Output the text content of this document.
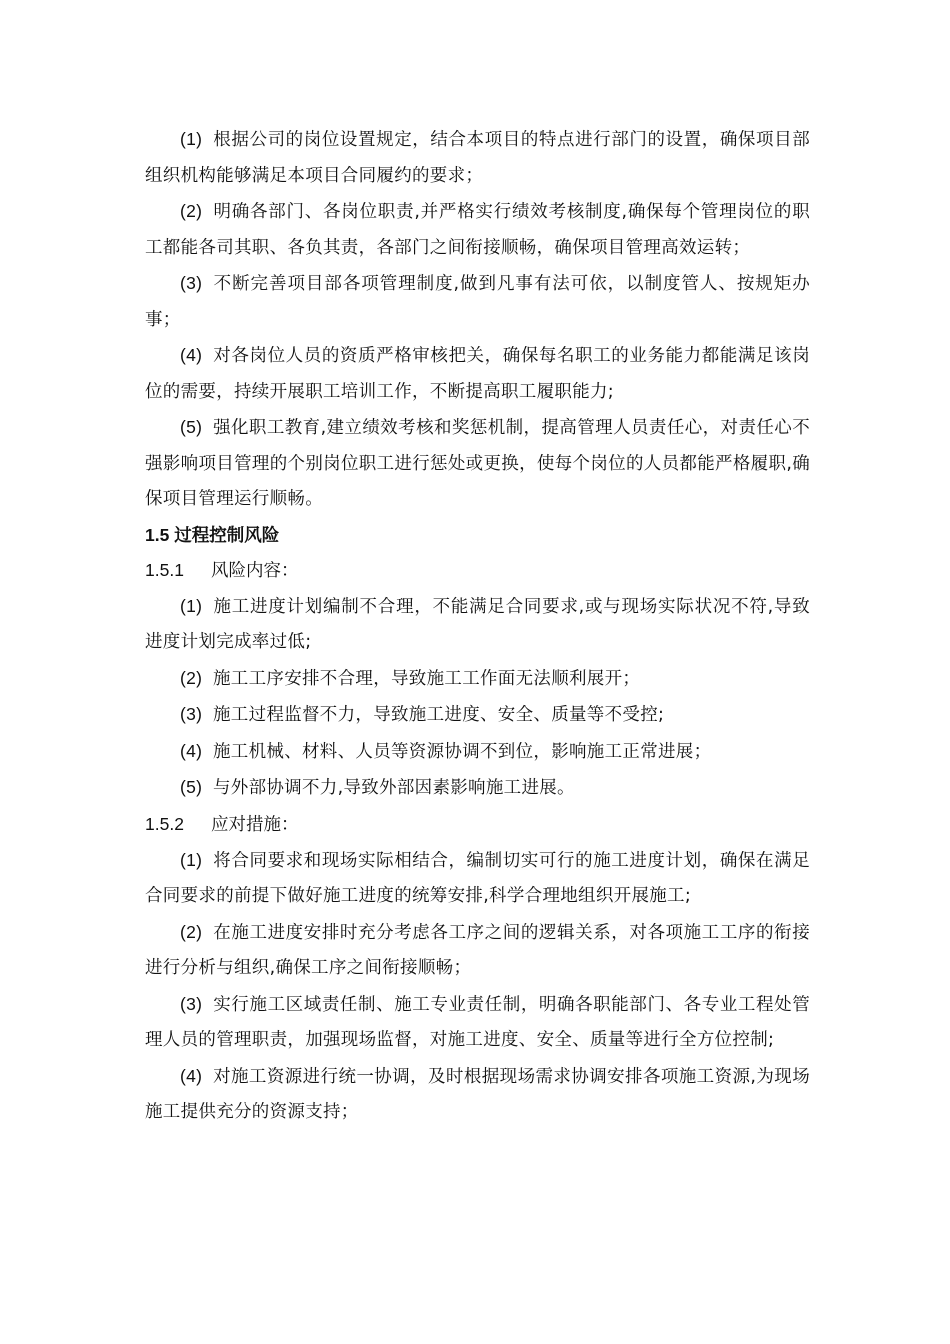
(1) 根据公司的岗位设置规定，结合本项目的特点进行部门的设置，确保项目部组织机构能够满足本项目合同履约的要求；

(2) 明确各部门、各岗位职责,并严格实行绩效考核制度,确保每个管理岗位的职工都能各司其职、各负其责，各部门之间衔接顺畅，确保项目管理高效运转；

(3) 不断完善项目部各项管理制度,做到凡事有法可依，以制度管人、按规矩办事；

(4) 对各岗位人员的资质严格审核把关，确保每名职工的业务能力都能满足该岗位的需要，持续开展职工培训工作，不断提高职工履职能力;

(5) 强化职工教育,建立绩效考核和奖惩机制，提高管理人员责任心，对责任心不强影响项目管理的个别岗位职工进行惩处或更换，使每个岗位的人员都能严格履职,确保项目管理运行顺畅。

1.5 过程控制风险

1.5.1 风险内容：

(1) 施工进度计划编制不合理，不能满足合同要求,或与现场实际状况不符,导致进度计划完成率过低;

(2) 施工工序安排不合理，导致施工工作面无法顺利展开；

(3) 施工过程监督不力，导致施工进度、安全、质量等不受控;

(4) 施工机械、材料、人员等资源协调不到位，影响施工正常进展；

(5) 与外部协调不力,导致外部因素影响施工进展。

1.5.2 应对措施：

(1) 将合同要求和现场实际相结合，编制切实可行的施工进度计划，确保在满足合同要求的前提下做好施工进度的统筹安排,科学合理地组织开展施工;

(2) 在施工进度安排时充分考虑各工序之间的逻辑关系，对各项施工工序的衔接进行分析与组织,确保工序之间衔接顺畅；

(3) 实行施工区域责任制、施工专业责任制，明确各职能部门、各专业工程处管理人员的管理职责，加强现场监督，对施工进度、安全、质量等进行全方位控制;

(4) 对施工资源进行统一协调，及时根据现场需求协调安排各项施工资源,为现场施工提供充分的资源支持；
